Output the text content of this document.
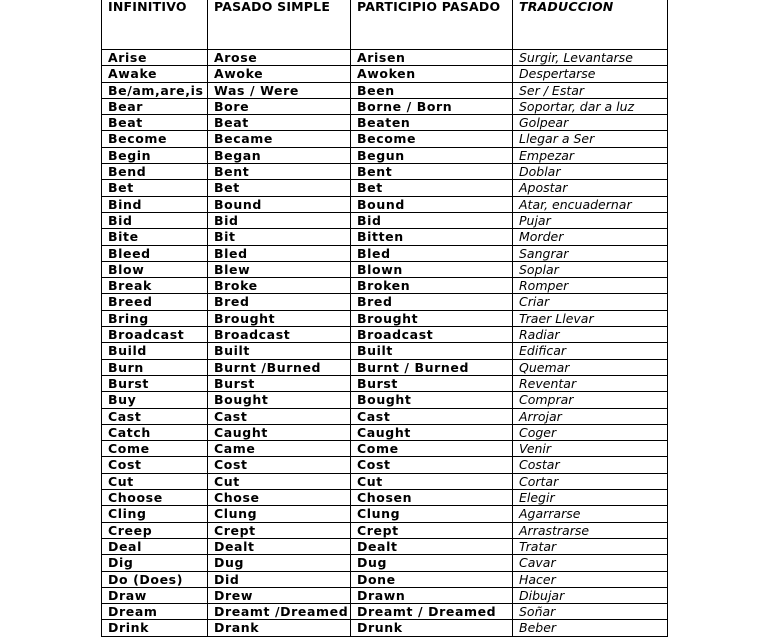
INFINITIVO	PASADO SIMPLE	PARTICIPIO PASADO	TRADUCCION
Arise	Arose	Arisen	Surgir, Levantarse
Awake	Awoke	Awoken	Despertarse
Be/am,are,is	Was / Were	Been	Ser / Estar
Bear	Bore	Borne / Born	Soportar, dar a luz
Beat	Beat	Beaten	Golpear
Become	Became	Become	Llegar a Ser
Begin	Began	Begun	Empezar
Bend	Bent	Bent	Doblar
Bet	Bet	Bet	Apostar
Bind	Bound	Bound	Atar, encuadernar
Bid	Bid	Bid	Pujar
Bite	Bit	Bitten	Morder
Bleed	Bled	Bled	Sangrar
Blow	Blew	Blown	Soplar
Break	Broke	Broken	Romper
Breed	Bred	Bred	Criar
Bring	Brought	Brought	Traer Llevar
Broadcast	Broadcast	Broadcast	Radiar
Build	Built	Built	Edificar
Burn	Burnt /Burned	Burnt / Burned	Quemar
Burst	Burst	Burst	Reventar
Buy	Bought	Bought	Comprar
Cast	Cast	Cast	Arrojar
Catch	Caught	Caught	Coger
Come	Came	Come	Venir
Cost	Cost	Cost	Costar
Cut	Cut	Cut	Cortar
Choose	Chose	Chosen	Elegir
Cling	Clung	Clung	Agarrarse
Creep	Crept	Crept	Arrastrarse
Deal	Dealt	Dealt	Tratar
Dig	Dug	Dug	Cavar
Do (Does)	Did	Done	Hacer
Draw	Drew	Drawn	Dibujar
Dream	Dreamt /Dreamed	Dreamt / Dreamed	Soñar
Drink	Drank	Drunk	Beber
